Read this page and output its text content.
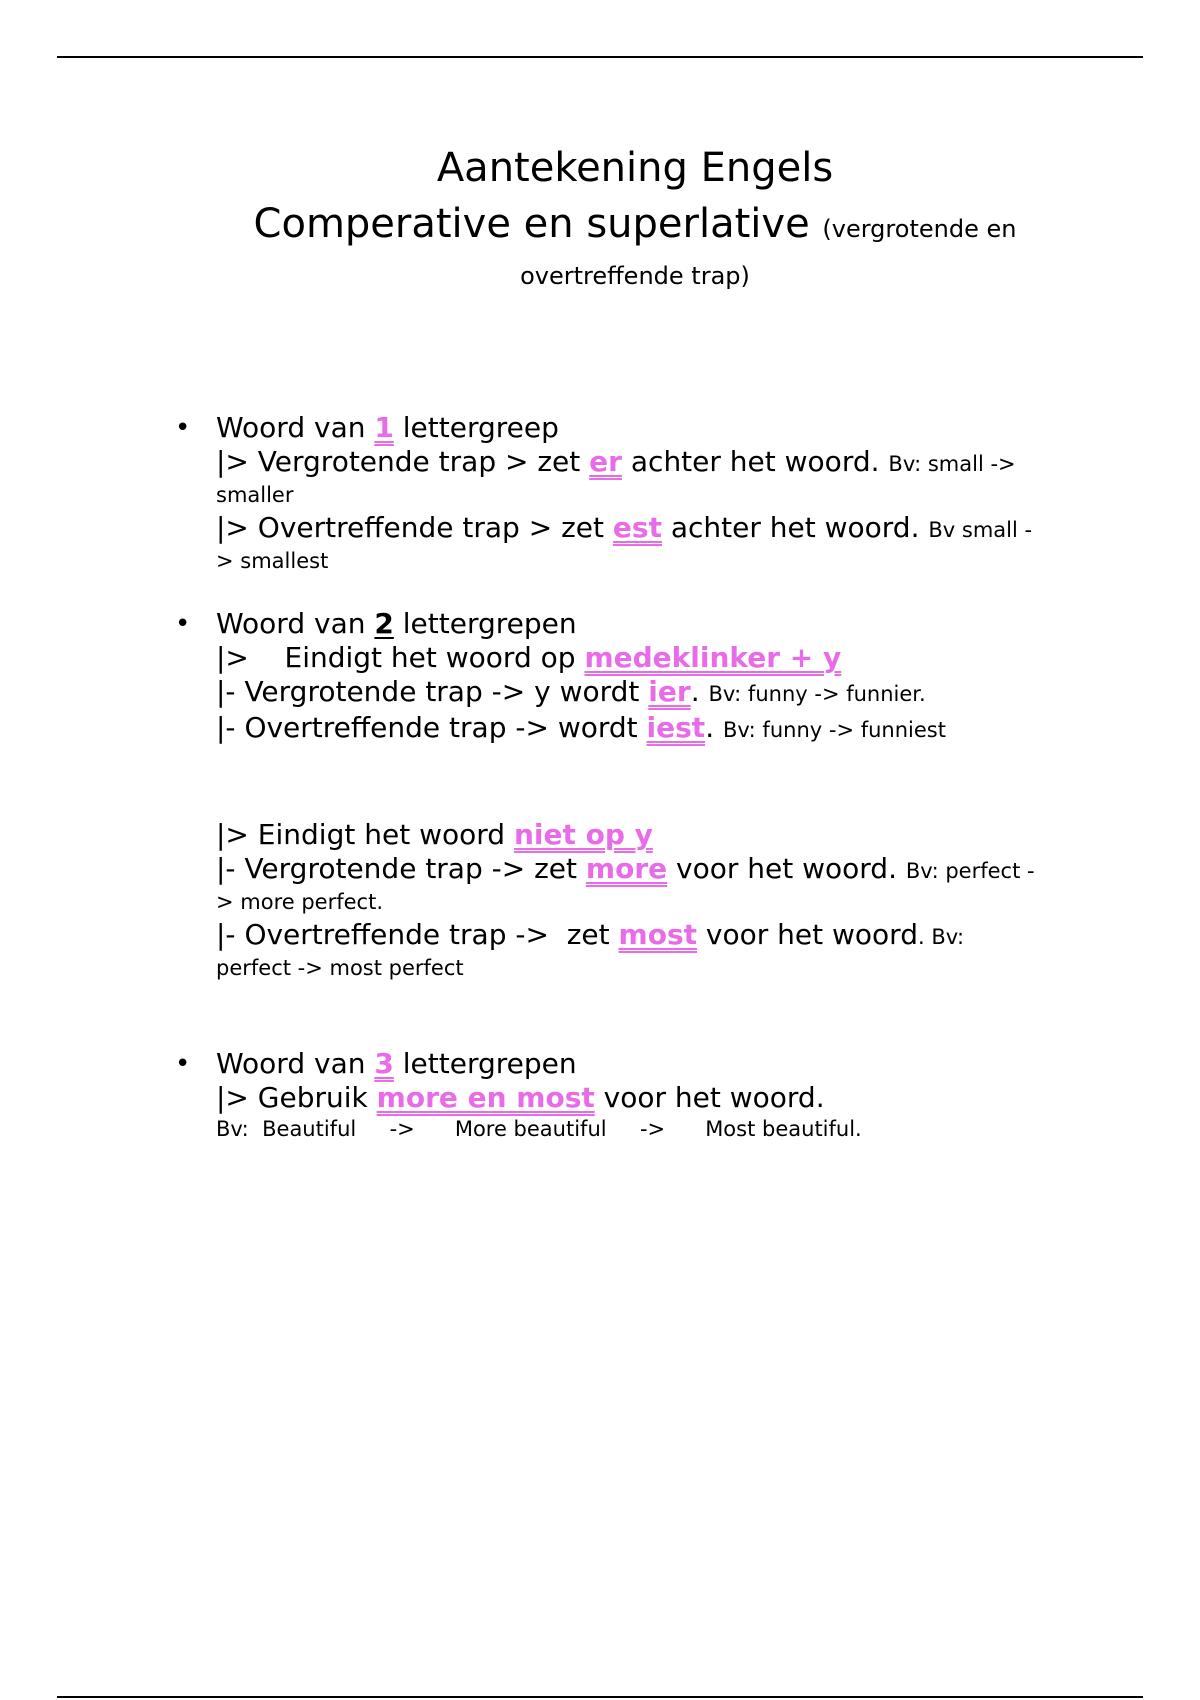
Aantekening Engels
Comperative en superlative (vergrotende en
overtreffende trap)
• Woord van 1 lettergreep
|> Vergrotende trap > zet er achter het woord. Bv: small ->
smaller
|> Overtreffende trap > zet est achter het woord. Bv small -
> smallest
• Woord van 2 lettergrepen
|>    Eindigt het woord op medeklinker + y
|- Vergrotende trap -> y wordt ier. Bv: funny -> funnier.
|- Overtreffende trap -> wordt iest. Bv: funny -> funniest
|> Eindigt het woord niet op y
|- Vergrotende trap -> zet more voor het woord. Bv: perfect -
> more perfect.
|- Overtreffende trap ->  zet most voor het woord. Bv:
perfect -> most perfect
• Woord van 3 lettergrepen
|> Gebruik more en most voor het woord.
Bv:  Beautiful     ->      More beautiful     ->      Most beautiful.
